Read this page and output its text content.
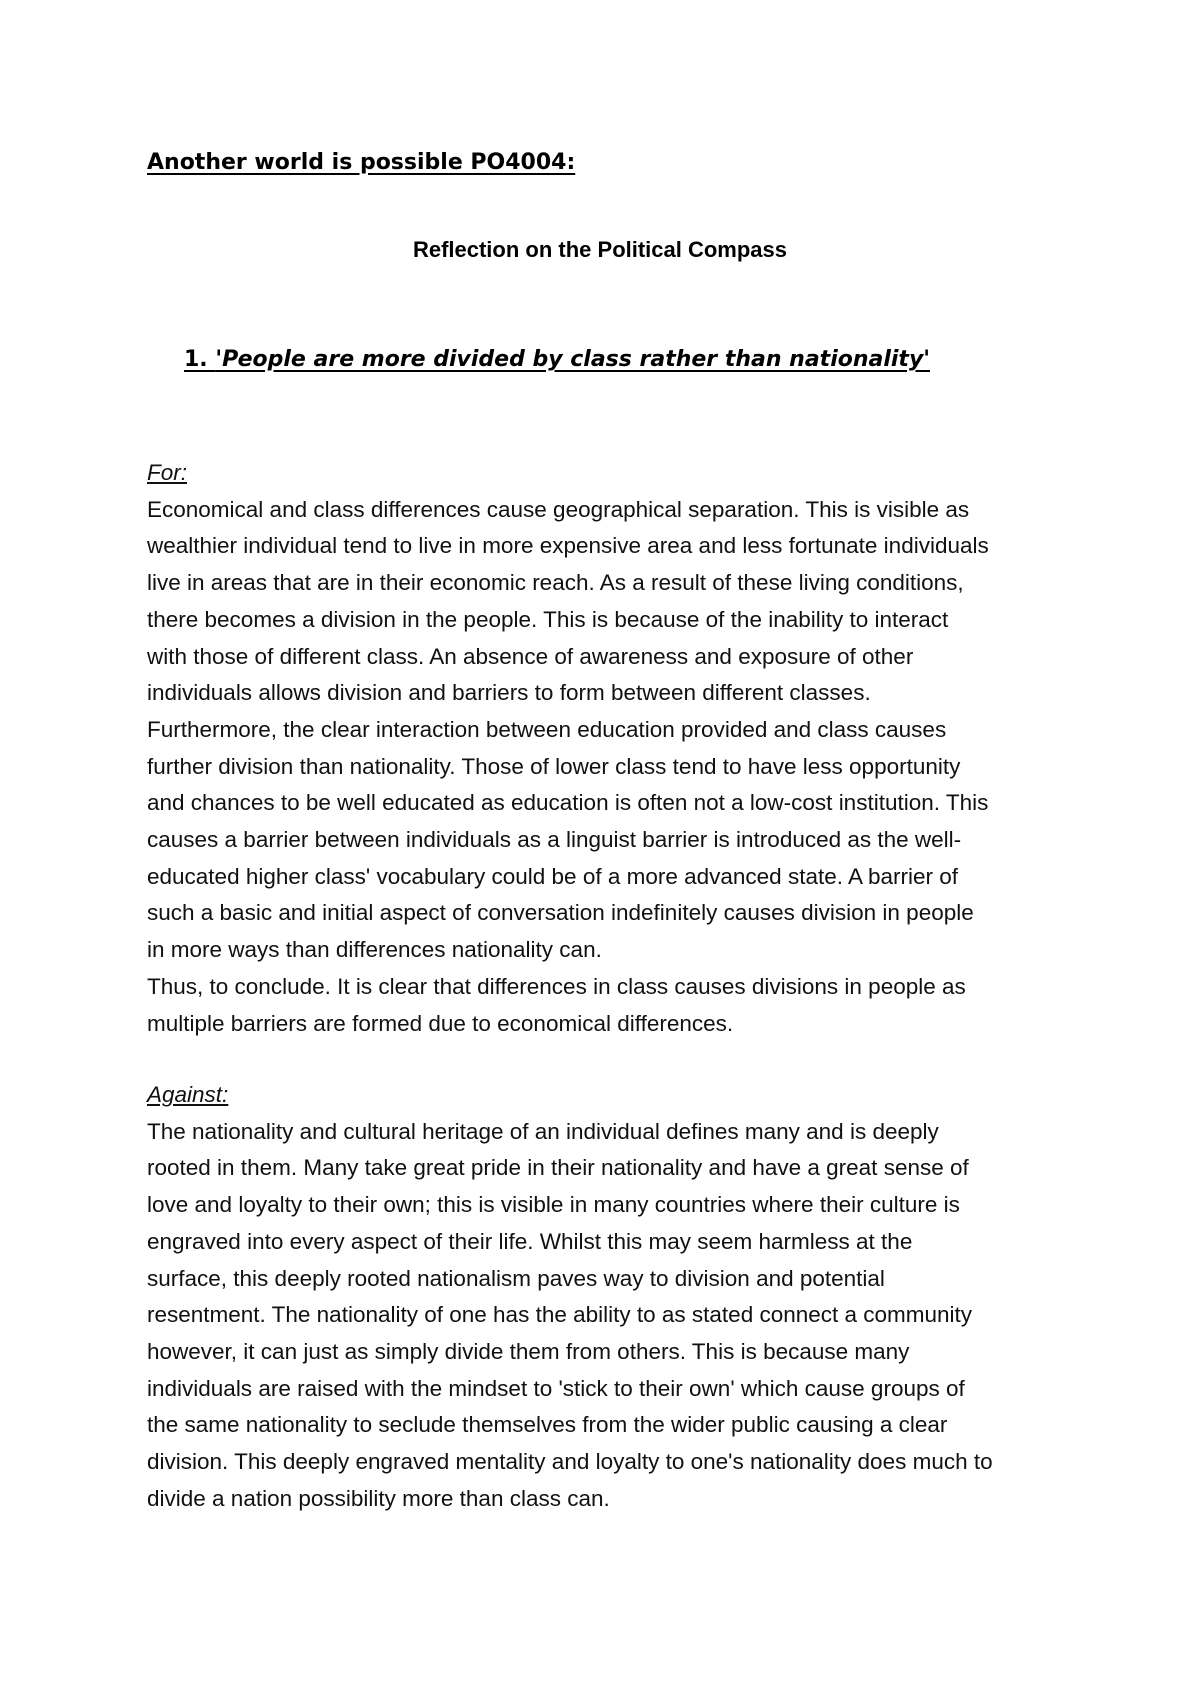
Another world is possible PO4004:
Reflection on the Political Compass
1. 'People are more divided by class rather than nationality'
For:
Economical and class differences cause geographical separation. This is visible as
wealthier individual tend to live in more expensive area and less fortunate individuals
live in areas that are in their economic reach. As a result of these living conditions,
there becomes a division in the people. This is because of the inability to interact
with those of different class. An absence of awareness and exposure of other
individuals allows division and barriers to form between different classes.
Furthermore, the clear interaction between education provided and class causes
further division than nationality. Those of lower class tend to have less opportunity
and chances to be well educated as education is often not a low-cost institution. This
causes a barrier between individuals as a linguist barrier is introduced as the well-
educated higher class' vocabulary could be of a more advanced state. A barrier of
such a basic and initial aspect of conversation indefinitely causes division in people
in more ways than differences nationality can.
Thus, to conclude. It is clear that differences in class causes divisions in people as
multiple barriers are formed due to economical differences.
Against:
The nationality and cultural heritage of an individual defines many and is deeply
rooted in them. Many take great pride in their nationality and have a great sense of
love and loyalty to their own; this is visible in many countries where their culture is
engraved into every aspect of their life. Whilst this may seem harmless at the
surface, this deeply rooted nationalism paves way to division and potential
resentment. The nationality of one has the ability to as stated connect a community
however, it can just as simply divide them from others. This is because many
individuals are raised with the mindset to 'stick to their own' which cause groups of
the same nationality to seclude themselves from the wider public causing a clear
division. This deeply engraved mentality and loyalty to one's nationality does much to
divide a nation possibility more than class can.
